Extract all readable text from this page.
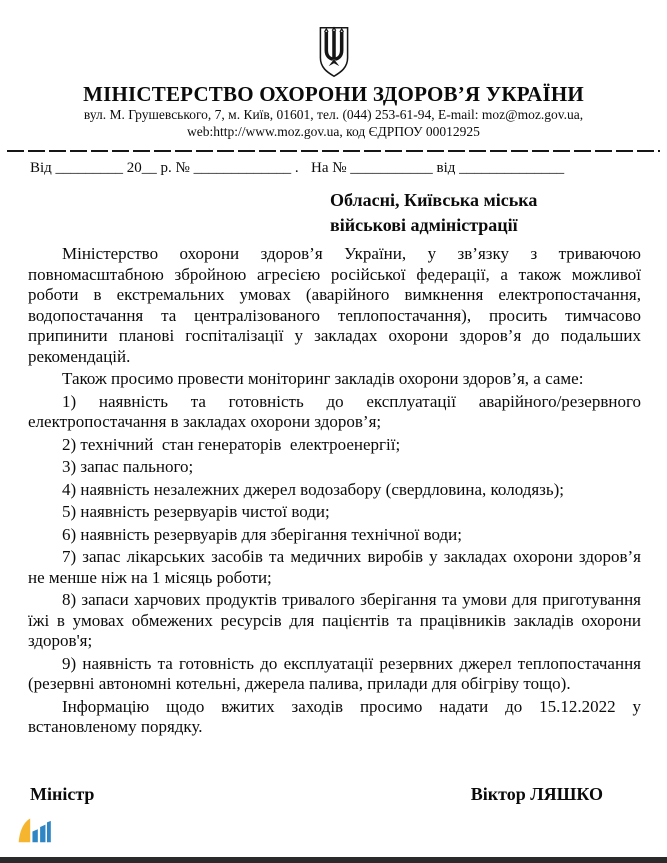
МІНІСТЕРСТВО ОХОРОНИ ЗДОРОВ’Я УКРАЇНИ
вул. М. Грушевського, 7, м. Київ, 01601, тел. (044) 253-61-94, E-mail: moz@moz.gov.ua,
web:http://www.moz.gov.ua, код ЄДРПОУ 00012925
Від _________ 20__ р. № _____________ . На № ___________ від ______________
Обласні, Київська міська
військові адміністрації

Міністерство охорони здоров’я України, у зв’язку з триваючою повномасштабною збройною агресією російської федерації, а також можливої роботи в екстремальних умовах (аварійного вимкнення електропостачання, водопостачання та централізованого теплопостачання), просить тимчасово припинити планові госпіталізації у закладах охорони здоров’я до подальших рекомендацій.

Також просимо провести моніторинг закладів охорони здоров’я, а саме:

1) наявність та готовність до експлуатації аварійного/резервного електропостачання в закладах охорони здоров’я;

2) технічний  стан генераторів  електроенергії;

3) запас пального;

4) наявність незалежних джерел водозабору (свердловина, колодязь);

5) наявність резервуарів чистої води;

6) наявність резервуарів для зберігання технічної води;

7) запас лікарських засобів та медичних виробів у закладах охорони здоров’я не менше ніж на 1 місяць роботи;

8) запаси харчових продуктів тривалого зберігання та умови для приготування їжі в умовах обмежених ресурсів для пацієнтів та працівників закладів охорони здоров'я;

9) наявність та готовність до експлуатації резервних джерел теплопостачання (резервні автономні котельні, джерела палива, прилади для обігріву тощо).

Інформацію щодо вжитих заходів просимо надати до 15.12.2022 у встановленому порядку.

Міністр	Віктор ЛЯШКО
